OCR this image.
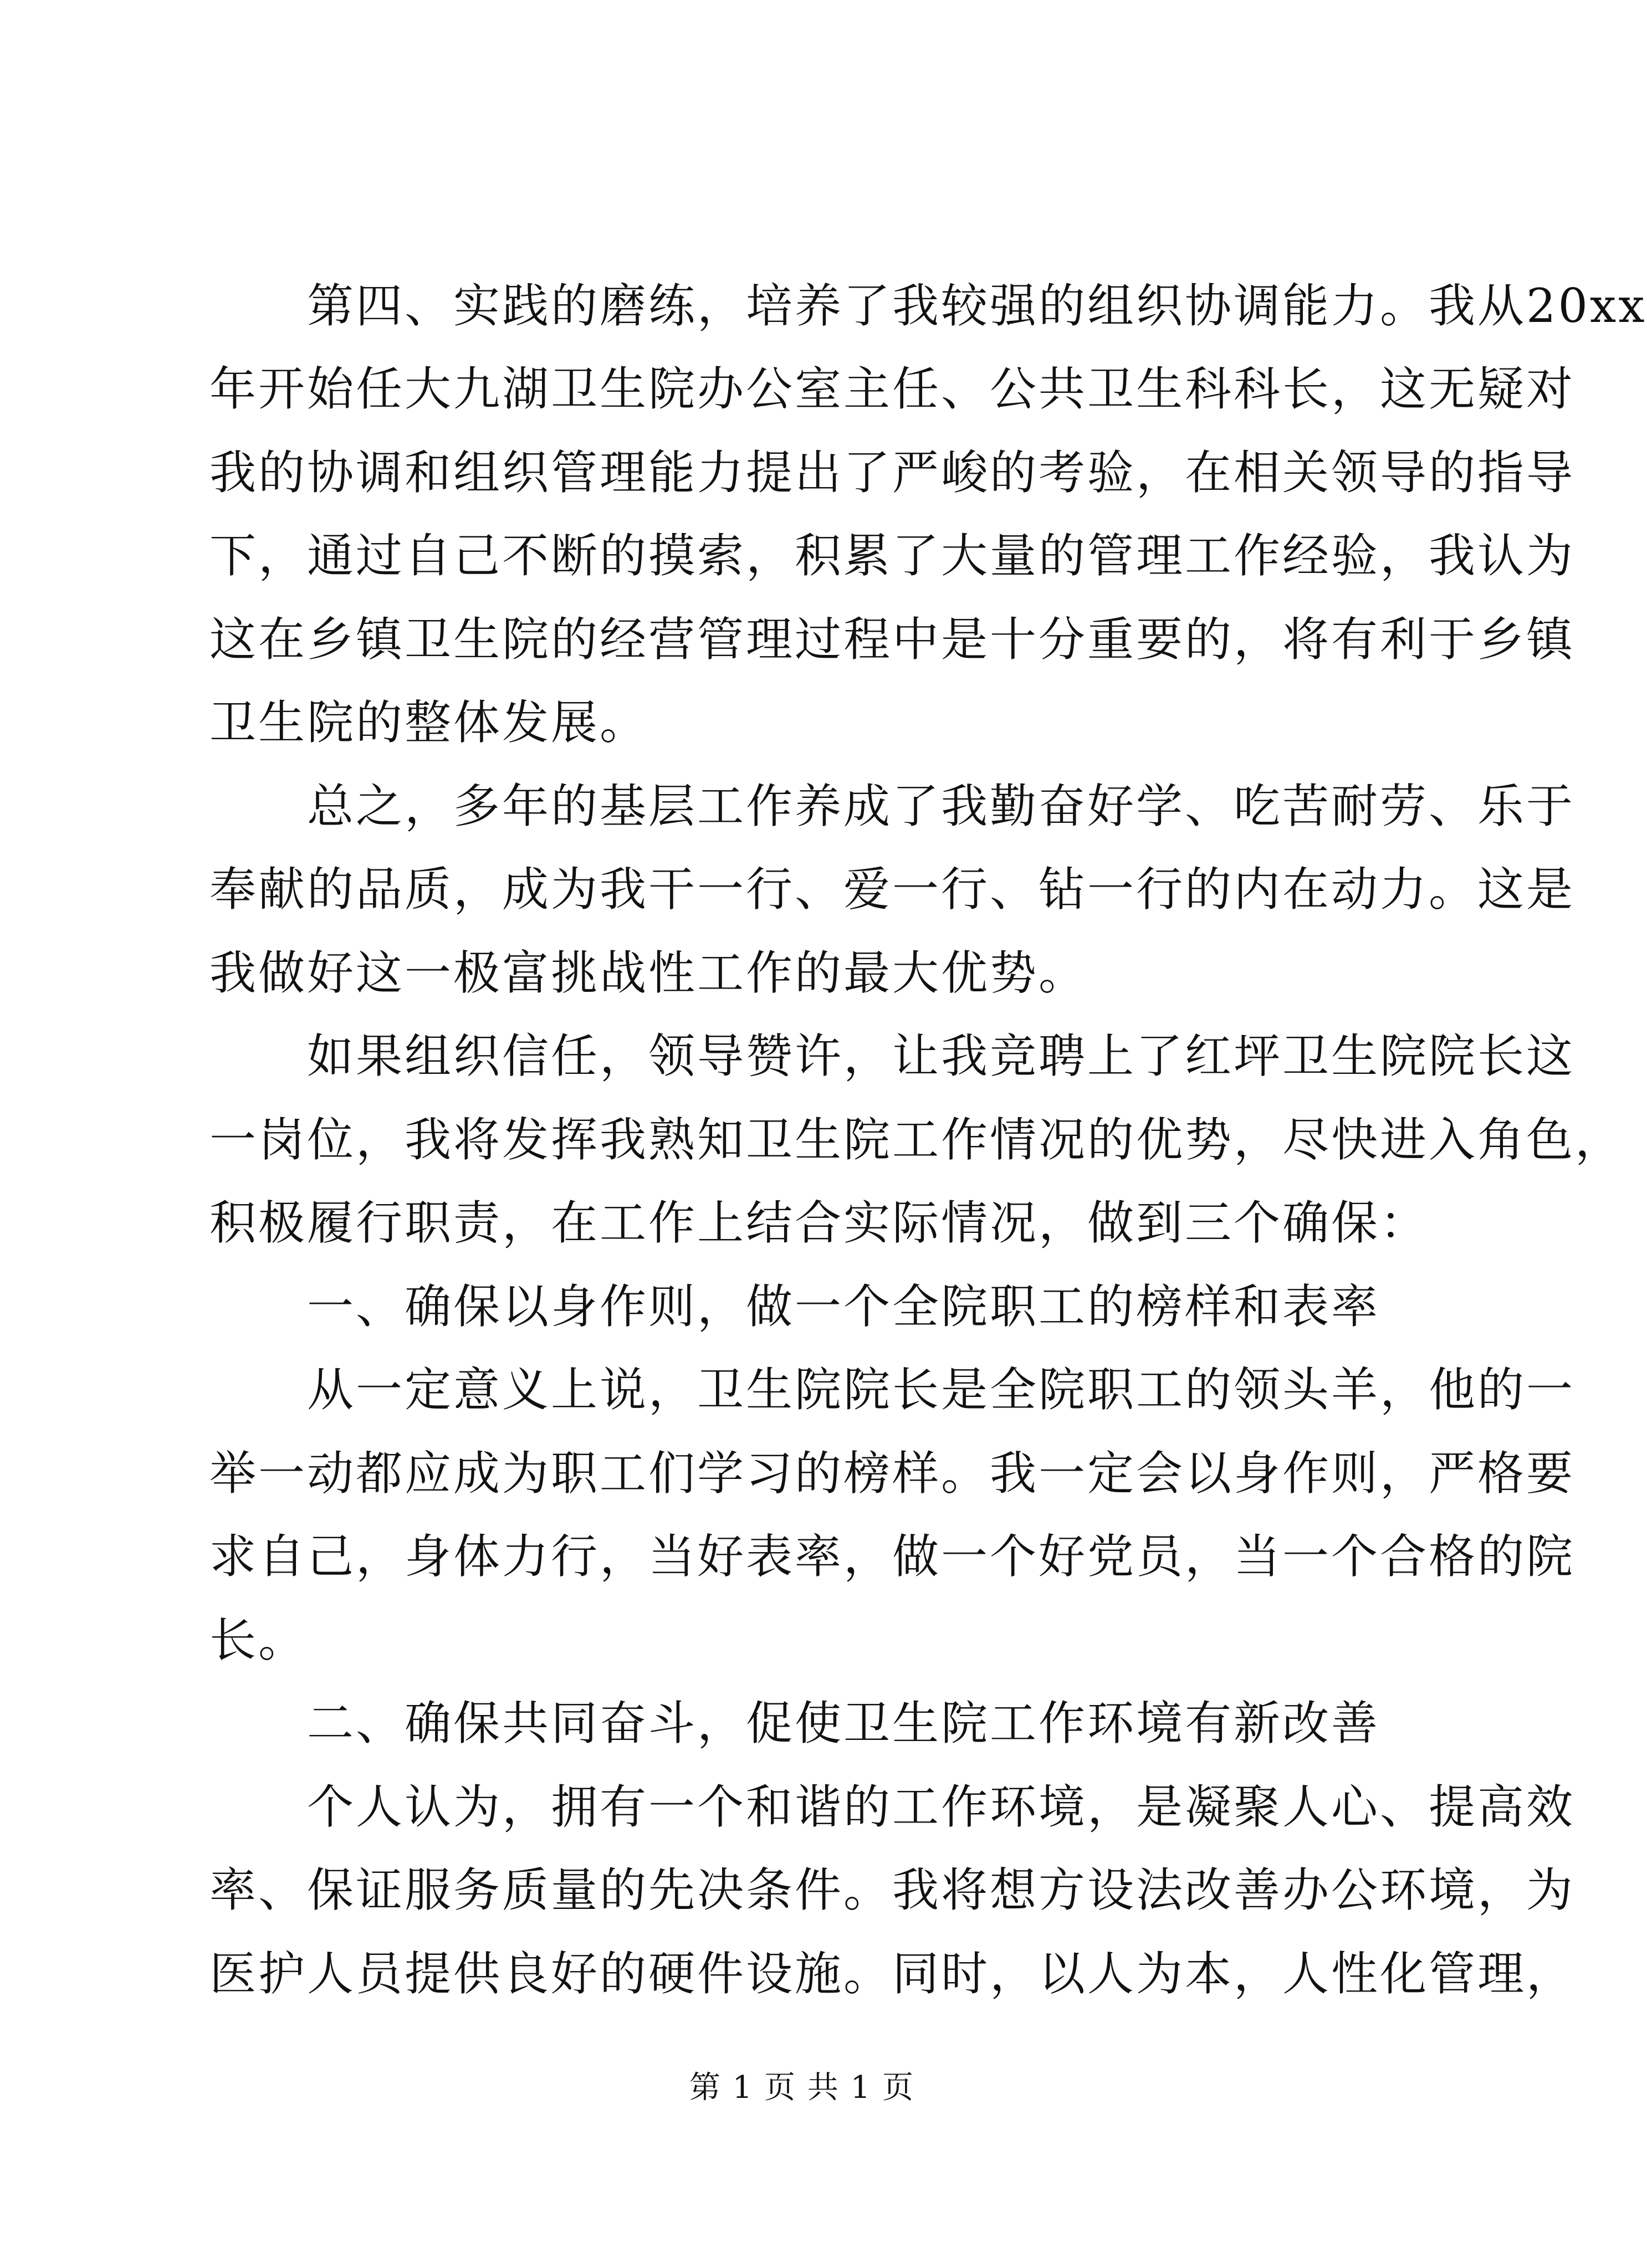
　　第四、实践的磨练，培养了我较强的组织协调能力。我从20xx
年开始任大九湖卫生院办公室主任、公共卫生科科长，这无疑对
我的协调和组织管理能力提出了严峻的考验，在相关领导的指导
下，通过自己不断的摸索，积累了大量的管理工作经验，我认为
这在乡镇卫生院的经营管理过程中是十分重要的，将有利于乡镇
卫生院的整体发展。
　　总之，多年的基层工作养成了我勤奋好学、吃苦耐劳、乐于
奉献的品质，成为我干一行、爱一行、钻一行的内在动力。这是
我做好这一极富挑战性工作的最大优势。
　　如果组织信任，领导赞许，让我竞聘上了红坪卫生院院长这
一岗位，我将发挥我熟知卫生院工作情况的优势，尽快进入角色，
积极履行职责，在工作上结合实际情况，做到三个确保：
　　一、确保以身作则，做一个全院职工的榜样和表率
　　从一定意义上说，卫生院院长是全院职工的领头羊，他的一
举一动都应成为职工们学习的榜样。我一定会以身作则，严格要
求自己，身体力行，当好表率，做一个好党员，当一个合格的院
长。
　　二、确保共同奋斗，促使卫生院工作环境有新改善
　　个人认为，拥有一个和谐的工作环境，是凝聚人心、提高效
率、保证服务质量的先决条件。我将想方设法改善办公环境，为
医护人员提供良好的硬件设施。同时，以人为本，人性化管理，
第 1 页 共 1 页
